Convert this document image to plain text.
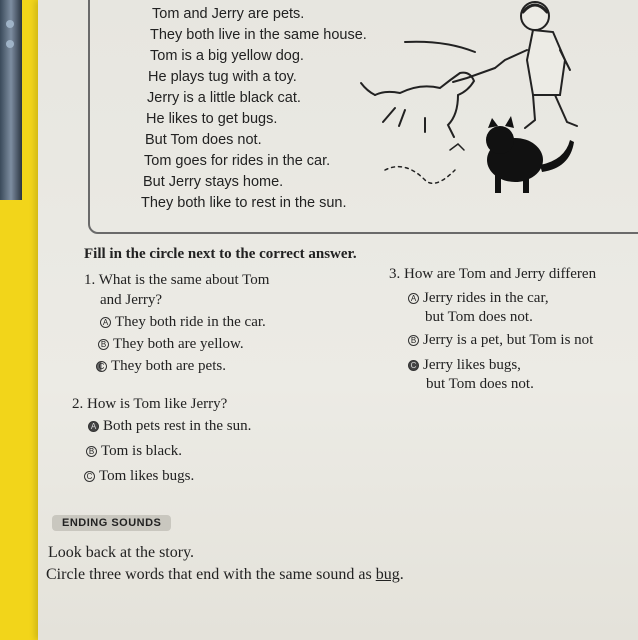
Tom and Jerry are pets.
They both live in the same house.
Tom is a big yellow dog.
He plays tug with a toy.
Jerry is a little black cat.
He likes to get bugs.
But Tom does not.
Tom goes for rides in the car.
But Jerry stays home.
They both like to rest in the sun.
Fill in the circle next to the correct answer.
1. What is the same about Tom
and Jerry?
A They both ride in the car.
B They both are yellow.
C They both are pets.
2. How is Tom like Jerry?
A Both pets rest in the sun.
B Tom is black.
C Tom likes bugs.
3. How are Tom and Jerry differen
A Jerry rides in the car,
but Tom does not.
B Jerry is a pet, but Tom is not
C Jerry likes bugs,
but Tom does not.
ENDING SOUNDS
Look back at the story.
Circle three words that end with the same sound as bug.
